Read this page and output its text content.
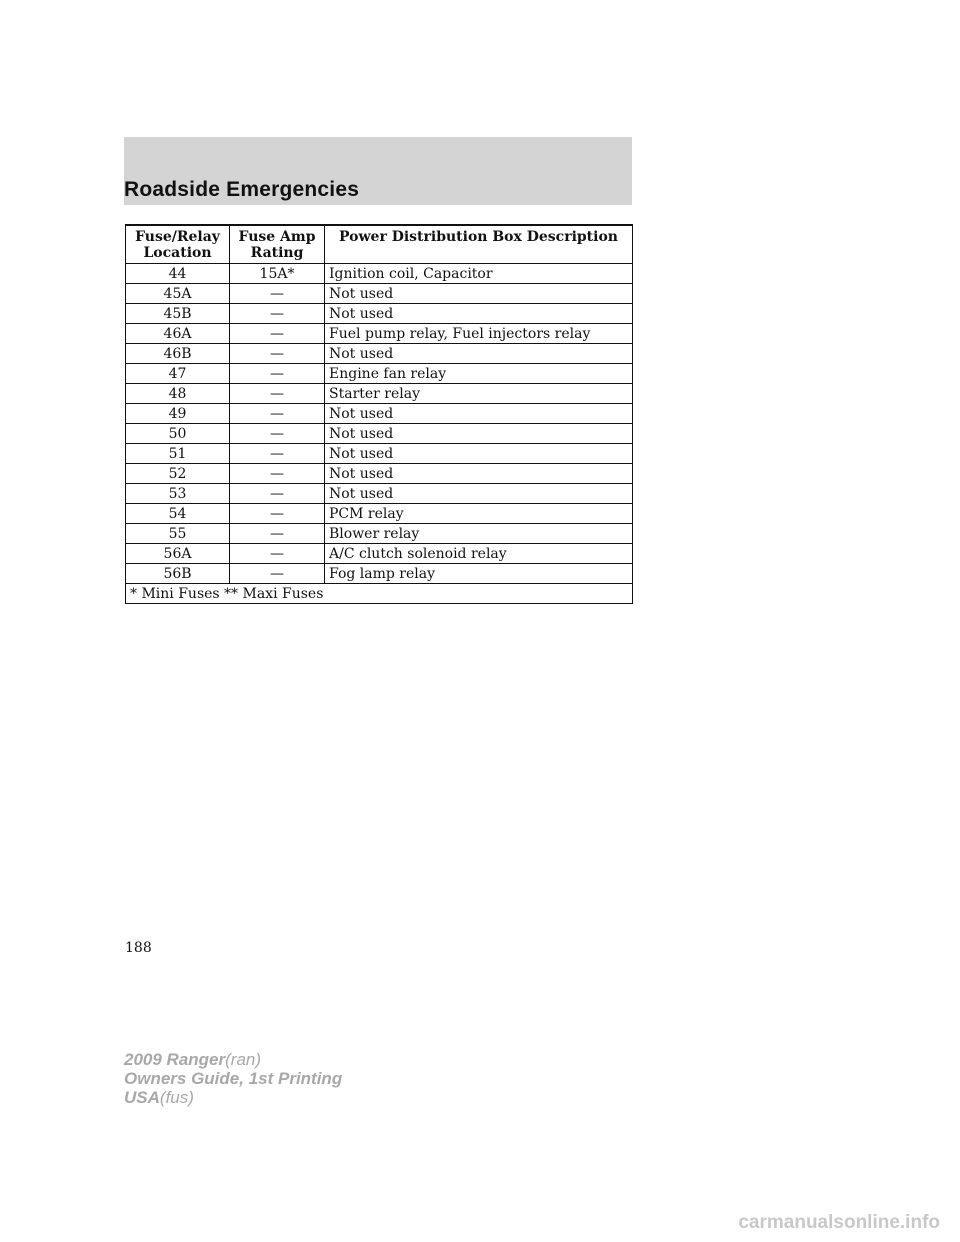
Roadside Emergencies
Fuse/Relay Location	Fuse Amp Rating	Power Distribution Box Description
44	15A*	Ignition coil, Capacitor
45A	—	Not used
45B	—	Not used
46A	—	Fuel pump relay, Fuel injectors relay
46B	—	Not used
47	—	Engine fan relay
48	—	Starter relay
49	—	Not used
50	—	Not used
51	—	Not used
52	—	Not used
53	—	Not used
54	—	PCM relay
55	—	Blower relay
56A	—	A/C clutch solenoid relay
56B	—	Fog lamp relay
* Mini Fuses ** Maxi Fuses		
188
2009 Ranger(ran)
Owners Guide, 1st Printing
USA(fus)
carmanualsonline.info
